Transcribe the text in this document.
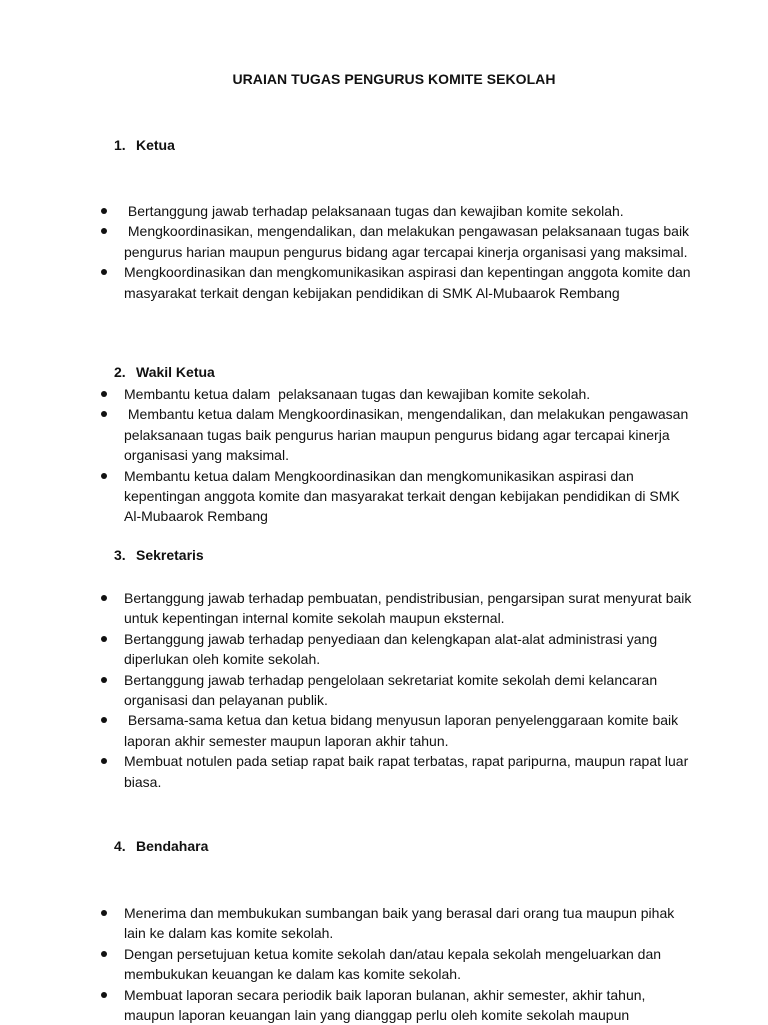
URAIAN TUGAS PENGURUS KOMITE SEKOLAH
1. Ketua
Bertanggung jawab terhadap pelaksanaan tugas dan kewajiban komite sekolah.
Mengkoordinasikan, mengendalikan, dan melakukan pengawasan pelaksanaan tugas baik pengurus harian maupun pengurus bidang agar tercapai kinerja organisasi yang maksimal.
Mengkoordinasikan dan mengkomunikasikan aspirasi dan kepentingan anggota komite dan masyarakat terkait dengan kebijakan pendidikan di SMK Al-Mubaarok Rembang
2. Wakil Ketua
Membantu ketua dalam  pelaksanaan tugas dan kewajiban komite sekolah.
Membantu ketua dalam Mengkoordinasikan, mengendalikan, dan melakukan pengawasan pelaksanaan tugas baik pengurus harian maupun pengurus bidang agar tercapai kinerja organisasi yang maksimal.
Membantu ketua dalam Mengkoordinasikan dan mengkomunikasikan aspirasi dan kepentingan anggota komite dan masyarakat terkait dengan kebijakan pendidikan di SMK Al-Mubaarok Rembang
3. Sekretaris
Bertanggung jawab terhadap pembuatan, pendistribusian, pengarsipan surat menyurat baik untuk kepentingan internal komite sekolah maupun eksternal.
Bertanggung jawab terhadap penyediaan dan kelengkapan alat-alat administrasi yang diperlukan oleh komite sekolah.
Bertanggung jawab terhadap pengelolaan sekretariat komite sekolah demi kelancaran organisasi dan pelayanan publik.
Bersama-sama ketua dan ketua bidang menyusun laporan penyelenggaraan komite baik laporan akhir semester maupun laporan akhir tahun.
Membuat notulen pada setiap rapat baik rapat terbatas, rapat paripurna, maupun rapat luar biasa.
4. Bendahara
Menerima dan membukukan sumbangan baik yang berasal dari orang tua maupun pihak lain ke dalam kas komite sekolah.
Dengan persetujuan ketua komite sekolah dan/atau kepala sekolah mengeluarkan dan membukukan keuangan ke dalam kas komite sekolah.
Membuat laporan secara periodik baik laporan bulanan, akhir semester, akhir tahun, maupun laporan keuangan lain yang dianggap perlu oleh komite sekolah maupun
